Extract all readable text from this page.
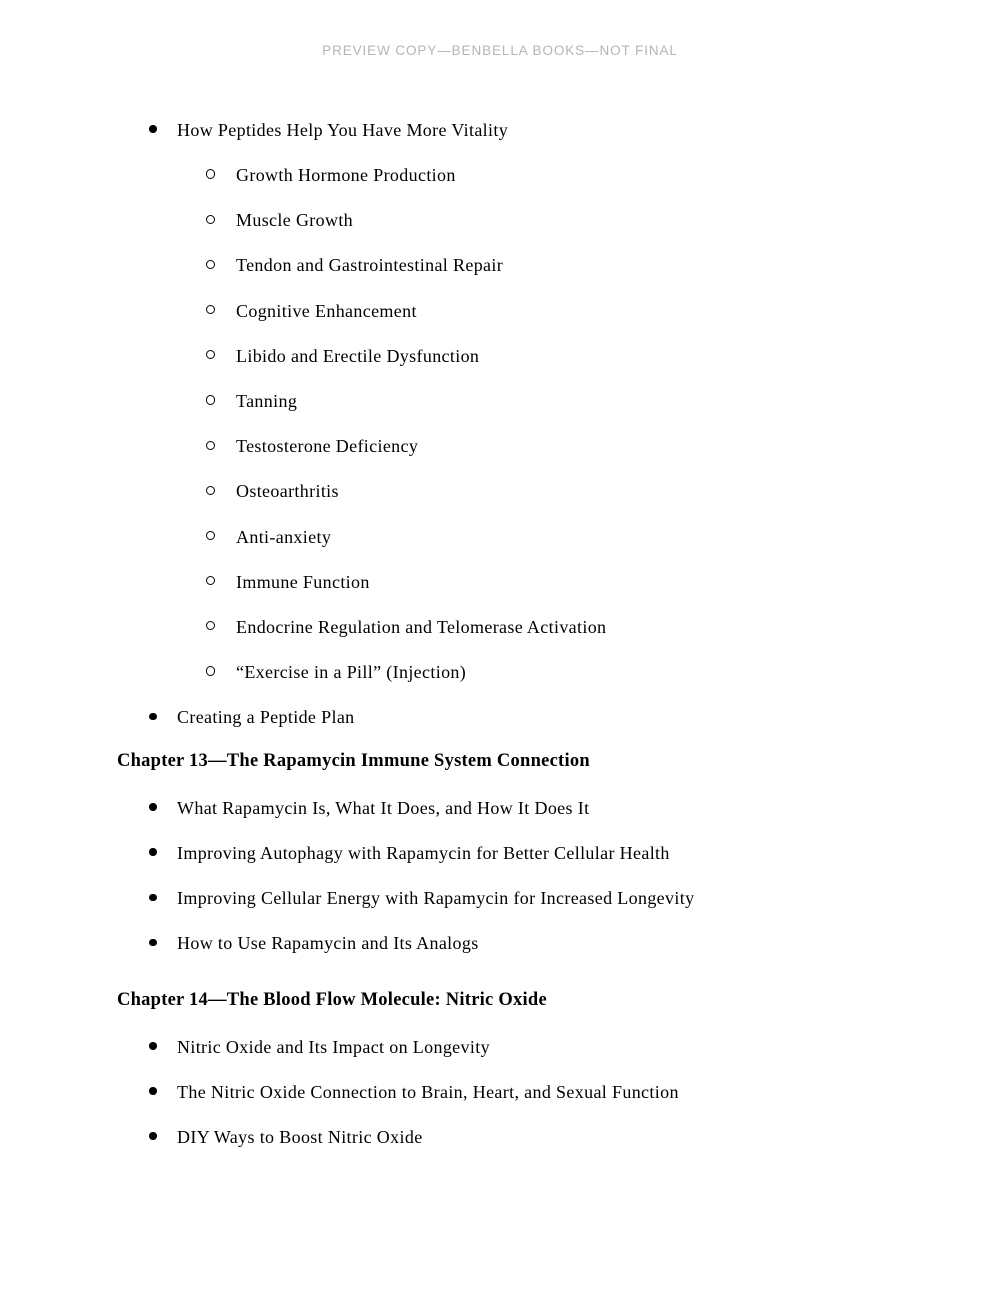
PREVIEW COPY—BENBELLA BOOKS—NOT FINAL
How Peptides Help You Have More Vitality
Growth Hormone Production
Muscle Growth
Tendon and Gastrointestinal Repair
Cognitive Enhancement
Libido and Erectile Dysfunction
Tanning
Testosterone Deficiency
Osteoarthritis
Anti-anxiety
Immune Function
Endocrine Regulation and Telomerase Activation
“Exercise in a Pill” (Injection)
Creating a Peptide Plan
Chapter 13—The Rapamycin Immune System Connection
What Rapamycin Is, What It Does, and How It Does It
Improving Autophagy with Rapamycin for Better Cellular Health
Improving Cellular Energy with Rapamycin for Increased Longevity
How to Use Rapamycin and Its Analogs
Chapter 14—The Blood Flow Molecule: Nitric Oxide
Nitric Oxide and Its Impact on Longevity
The Nitric Oxide Connection to Brain, Heart, and Sexual Function
DIY Ways to Boost Nitric Oxide
